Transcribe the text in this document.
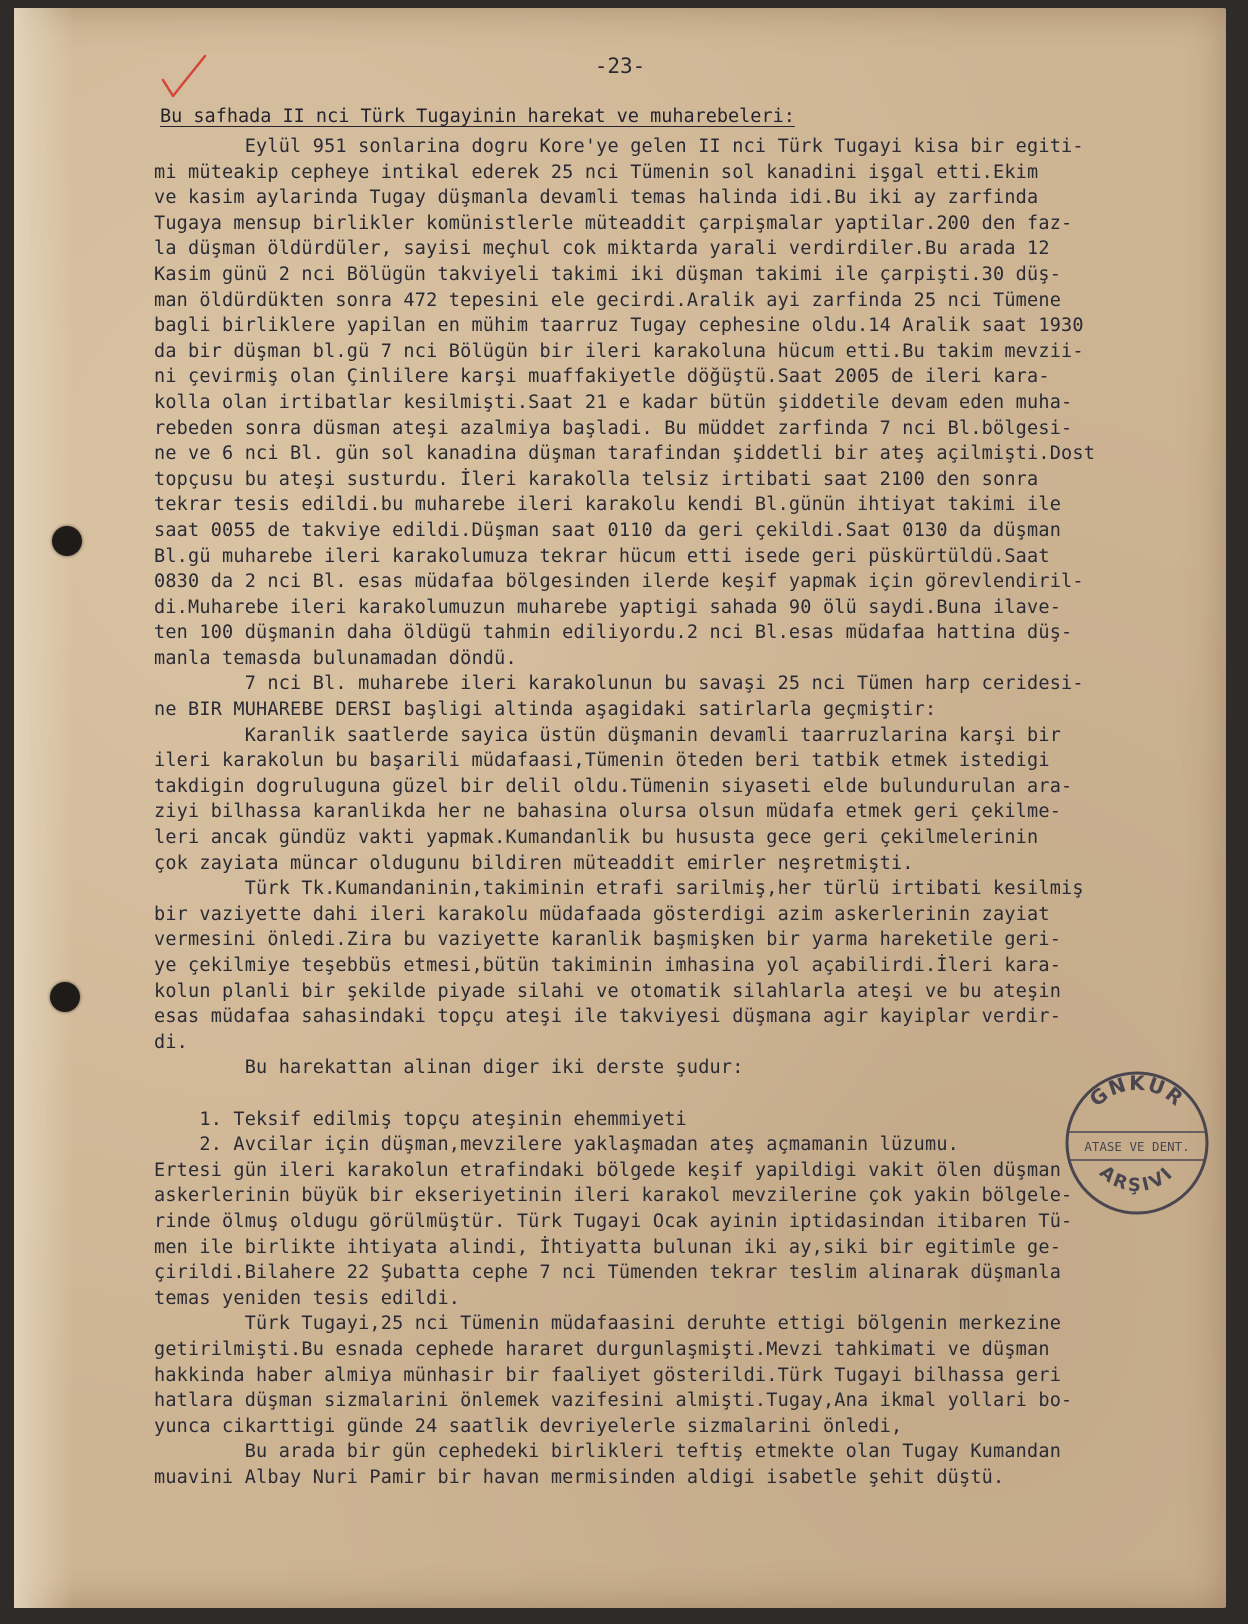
-23-
Bu safhada II nci Türk Tugayinin harekat ve muharebeleri:
Eylül 951 sonlarina dogru Kore'ye gelen II nci Türk Tugayi kisa bir egiti-
mi müteakip cepheye intikal ederek 25 nci Tümenin sol kanadini işgal etti.Ekim
ve kasim aylarinda Tugay düşmanla devamli temas halinda idi.Bu iki ay zarfinda
Tugaya mensup birlikler komünistlerle müteaddit çarpişmalar yaptilar.200 den faz-
la düşman öldürdüler, sayisi meçhul cok miktarda yarali verdirdiler.Bu arada 12
Kasim günü 2 nci Bölügün takviyeli takimi iki düşman takimi ile çarpişti.30 düş-
man öldürdükten sonra 472 tepesini ele gecirdi.Aralik ayi zarfinda 25 nci Tümene
bagli birliklere yapilan en mühim taarruz Tugay cephesine oldu.14 Aralik saat 1930
da bir düşman bl.gü 7 nci Bölügün bir ileri karakoluna hücum etti.Bu takim mevzii-
ni çevirmiş olan Çinlilere karşi muaffakiyetle döğüştü.Saat 2005 de ileri kara-
kolla olan irtibatlar kesilmişti.Saat 21 e kadar bütün şiddetile devam eden muha-
rebeden sonra düsman ateşi azalmiya başladi. Bu müddet zarfinda 7 nci Bl.bölgesi-
ne ve 6 nci Bl. gün sol kanadina düşman tarafindan şiddetli bir ateş açilmişti.Dost
topçusu bu ateşi susturdu. İleri karakolla telsiz irtibati saat 2100 den sonra
tekrar tesis edildi.bu muharebe ileri karakolu kendi Bl.günün ihtiyat takimi ile
saat 0055 de takviye edildi.Düşman saat 0110 da geri çekildi.Saat 0130 da düşman
Bl.gü muharebe ileri karakolumuza tekrar hücum etti isede geri püskürtüldü.Saat
0830 da 2 nci Bl. esas müdafaa bölgesinden ilerde keşif yapmak için görevlendiril-
di.Muharebe ileri karakolumuzun muharebe yaptigi sahada 90 ölü saydi.Buna ilave-
ten 100 düşmanin daha öldügü tahmin ediliyordu.2 nci Bl.esas müdafaa hattina düş-
manla temasda bulunamadan döndü.
7 nci Bl. muharebe ileri karakolunun bu savaşi 25 nci Tümen harp ceridesi-
ne BIR MUHAREBE DERSI başligi altinda aşagidaki satirlarla geçmiştir:
Karanlik saatlerde sayica üstün düşmanin devamli taarruzlarina karşi bir
ileri karakolun bu başarili müdafaasi,Tümenin öteden beri tatbik etmek istedigi
takdigin dogruluguna güzel bir delil oldu.Tümenin siyaseti elde bulundurulan ara-
ziyi bilhassa karanlikda her ne bahasina olursa olsun müdafa etmek geri çekilme-
leri ancak gündüz vakti yapmak.Kumandanlik bu hususta gece geri çekilmelerinin
çok zayiata müncar oldugunu bildiren müteaddit emirler neşretmişti.
Türk Tk.Kumandaninin,takiminin etrafi sarilmiş,her türlü irtibati kesilmiş
bir vaziyette dahi ileri karakolu müdafaada gösterdigi azim askerlerinin zayiat
vermesini önledi.Zira bu vaziyette karanlik başmişken bir yarma hareketile geri-
ye çekilmiye teşebbüs etmesi,bütün takiminin imhasina yol açabilirdi.İleri kara-
kolun planli bir şekilde piyade silahi ve otomatik silahlarla ateşi ve bu ateşin
esas müdafaa sahasindaki topçu ateşi ile takviyesi düşmana agir kayiplar verdir-
di.
Bu harekattan alinan diger iki derste şudur:
1. Teksif edilmiş topçu ateşinin ehemmiyeti
2. Avcilar için düşman,mevzilere yaklaşmadan ateş açmamanin lüzumu.
Ertesi gün ileri karakolun etrafindaki bölgede keşif yapildigi vakit ölen düşman
askerlerinin büyük bir ekseriyetinin ileri karakol mevzilerine çok yakin bölgele-
rinde ölmuş oldugu görülmüştür. Türk Tugayi Ocak ayinin iptidasindan itibaren Tü-
men ile birlikte ihtiyata alindi, İhtiyatta bulunan iki ay,siki bir egitimle ge-
çirildi.Bilahere 22 Şubatta cephe 7 nci Tümenden tekrar teslim alinarak düşmanla
temas yeniden tesis edildi.
Türk Tugayi,25 nci Tümenin müdafaasini deruhte ettigi bölgenin merkezine
getirilmişti.Bu esnada cephede hararet durgunlaşmişti.Mevzi tahkimati ve düşman
hakkinda haber almiya münhasir bir faaliyet gösterildi.Türk Tugayi bilhassa geri
hatlara düşman sizmalarini önlemek vazifesini almişti.Tugay,Ana ikmal yollari bo-
yunca cikarttigi günde 24 saatlik devriyelerle sizmalarini önledi,
Bu arada bir gün cephedeki birlikleri teftiş etmekte olan Tugay Kumandan
muavini Albay Nuri Pamir bir havan mermisinden aldigi isabetle şehit düştü.
GNKUR
ATASE VE DENT.
ARŞIVI
